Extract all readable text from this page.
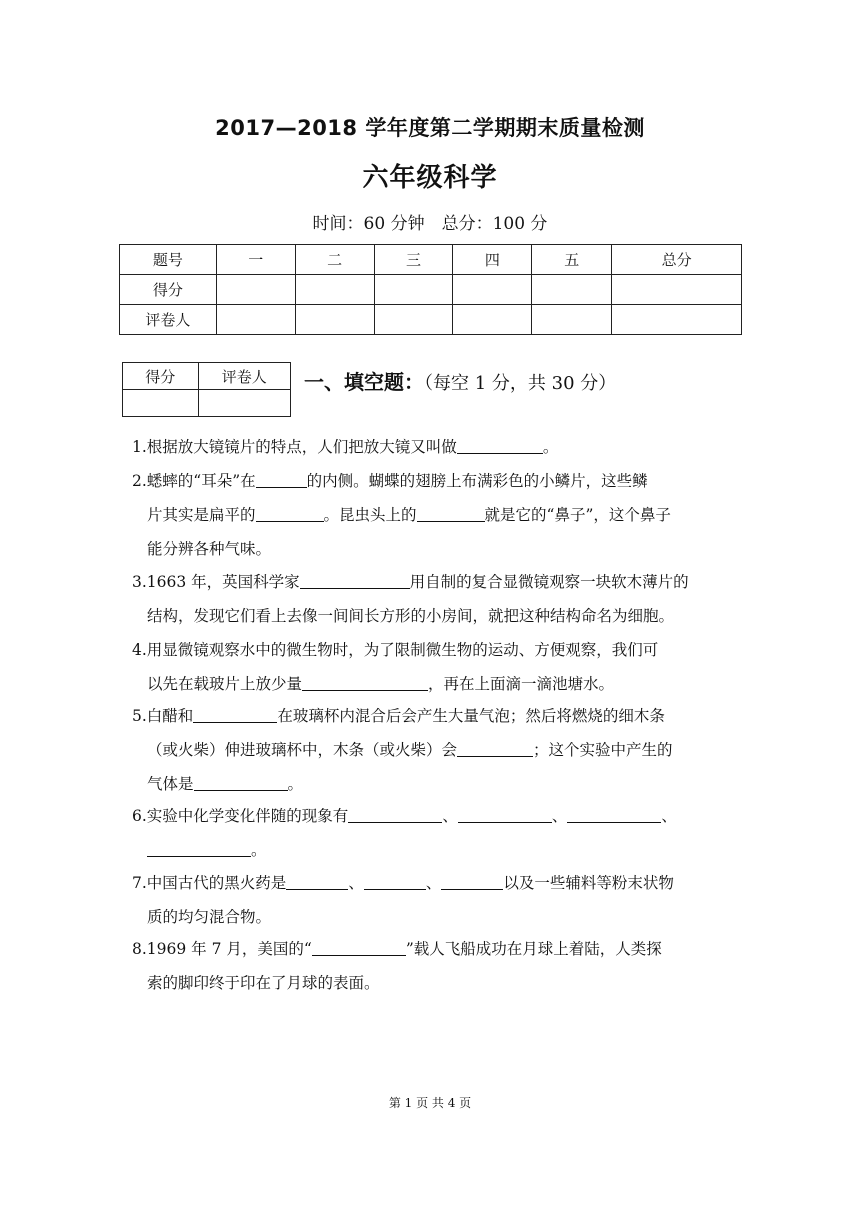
2017—2018 学年度第二学期期末质量检测
六年级科学
时间：60 分钟　总分：100 分
题号	一	二	三	四	五	总分
得分						
评卷人						
得分	评卷人
	一、填空题：（每空 1 分，共 30 分）
1.根据放大镜镜片的特点，人们把放大镜又叫做	。
2.蟋蟀的“耳朵”在	的内侧。蝴蝶的翅膀上布满彩色的小鳞片，这些鳞
片其实是扁平的	。昆虫头上的	就是它的“鼻子”，这个鼻子
能分辨各种气味。
3.1663 年，英国科学家	用自制的复合显微镜观察一块软木薄片的
结构，发现它们看上去像一间间长方形的小房间，就把这种结构命名为细胞。
4.用显微镜观察水中的微生物时，为了限制微生物的运动、方便观察，我们可
以先在载玻片上放少量	，再在上面滴一滴池塘水。
5.白醋和	在玻璃杯内混合后会产生大量气泡；然后将燃烧的细木条
（或火柴）伸进玻璃杯中，木条（或火柴）会	；这个实验中产生的
气体是	。
6.实验中化学变化伴随的现象有	、	、	、
。
7.中国古代的黑火药是	、	、	以及一些辅料等粉末状物
质的均匀混合物。
8.1969 年 7 月，美国的“	”载人飞船成功在月球上着陆，人类探
索的脚印终于印在了月球的表面。
第 1 页 共 4 页
